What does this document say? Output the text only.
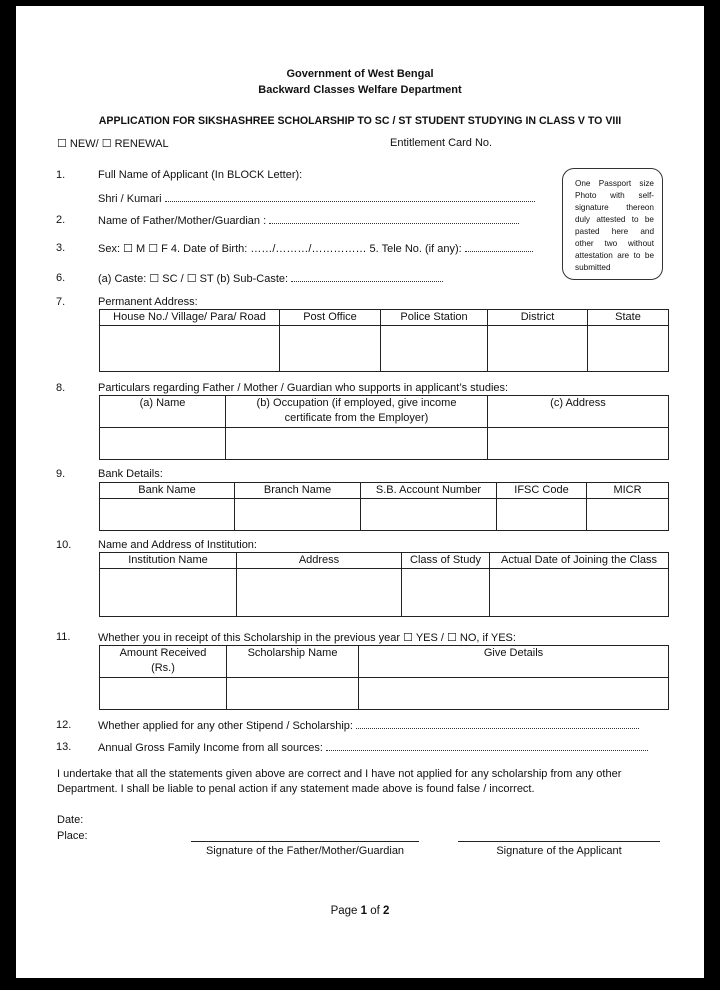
Government of West Bengal
Backward Classes Welfare Department
APPLICATION FOR SIKSHASHREE SCHOLARSHIP TO SC / ST STUDENT STUDYING IN CLASS V TO VIII
☐ NEW/ ☐ RENEWAL	Entitlement Card No.
One Passport size Photo with self-signature thereon duly attested to be pasted here and other two without attestation are to be submitted
1.	Full Name of Applicant (In BLOCK Letter):
Shri / Kumari
2.	Name of Father/Mother/Guardian :
3.	Sex: ☐ M ☐ F 4. Date of Birth: ……/………/…………… 5. Tele No. (if any):
6.	(a) Caste: ☐ SC / ☐ ST (b) Sub-Caste:
7.	Permanent Address:
House No./ Village/ Para/ Road	Post Office	Police Station	District	State

8.	Particulars regarding Father / Mother / Guardian who supports in applicant’s studies:
(a) Name	(b) Occupation (if employed, give income certificate from the Employer)	(c) Address

9.	Bank Details:
Bank Name	Branch Name	S.B. Account Number	IFSC Code	MICR

10. Name and Address of Institution:
Institution Name	Address	Class of Study	Actual Date of Joining the Class

11.	Whether you in receipt of this Scholarship in the previous year ☐ YES / ☐ NO, if YES:
Amount Received (Rs.)	Scholarship Name	Give Details

12. Whether applied for any other Stipend / Scholarship:
13. Annual Gross Family Income from all sources:
I undertake that all the statements given above are correct and I have not applied for any scholarship from any other
Department. I shall be liable to penal action if any statement made above is found false / incorrect.
Date:
Place:
Signature of the Father/Mother/Guardian	Signature of the Applicant
Page 1 of 2
